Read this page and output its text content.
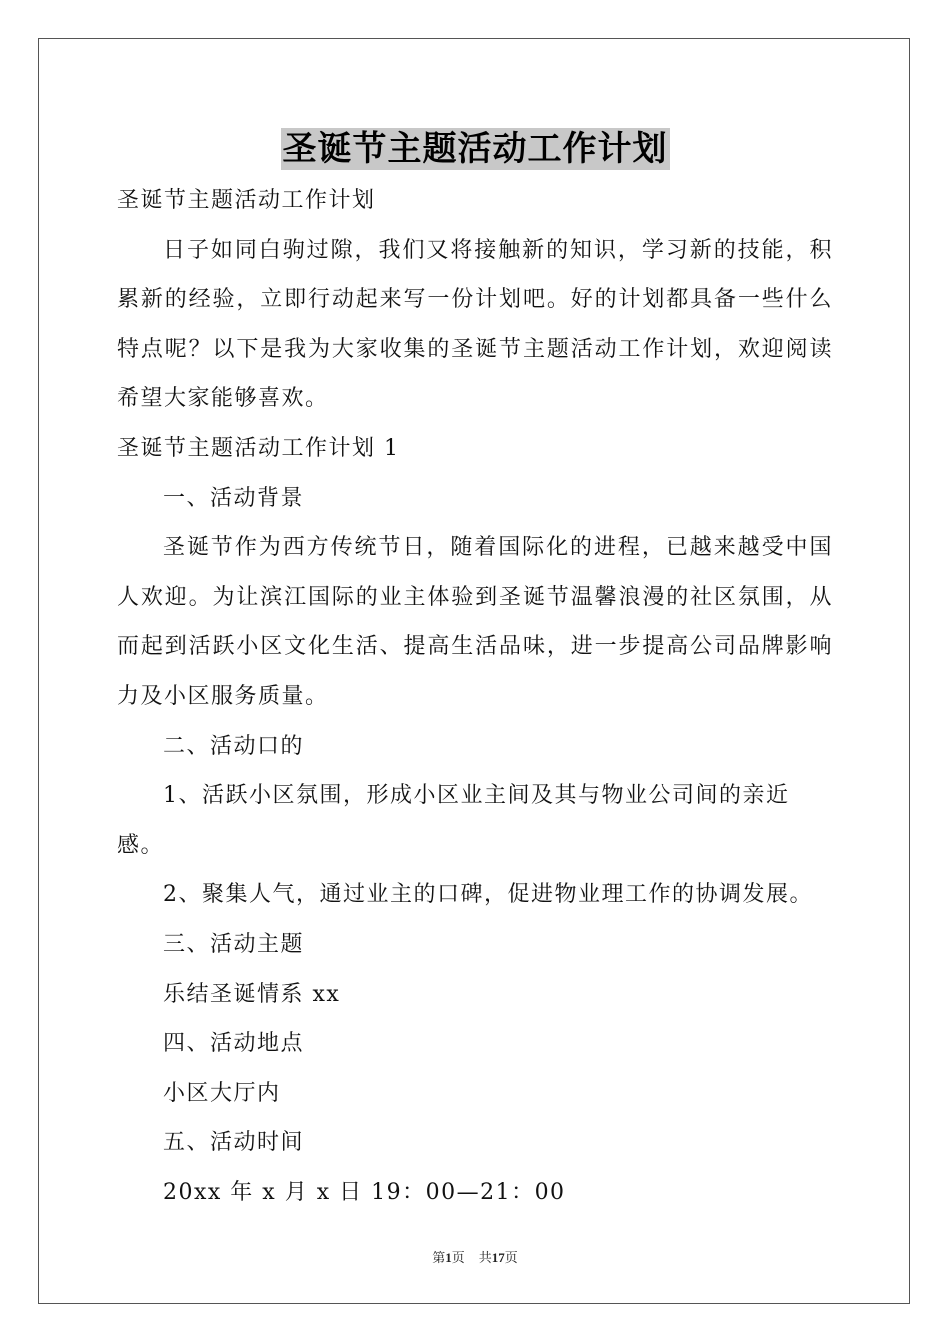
圣诞节主题活动工作计划

圣诞节主题活动工作计划

日子如同白驹过隙，我们又将接触新的知识，学习新的技能，积累新的经验，立即行动起来写一份计划吧。好的计划都具备一些什么特点呢？以下是我为大家收集的圣诞节主题活动工作计划，欢迎阅读希望大家能够喜欢。

圣诞节主题活动工作计划 1

一、活动背景

圣诞节作为西方传统节日，随着国际化的进程，已越来越受中国人欢迎。为让滨江国际的业主体验到圣诞节温馨浪漫的社区氛围，从而起到活跃小区文化生活、提高生活品味，进一步提高公司品牌影响力及小区服务质量。

二、活动口的

1、活跃小区氛围，形成小区业主间及其与物业公司间的亲近感。

2、聚集人气，通过业主的口碑，促进物业理工作的协调发展。

三、活动主题

乐结圣诞情系 xx

四、活动地点

小区大厅内

五、活动时间

20xx 年 x 月 x 日 19：00—21：00

第1页 共17页
